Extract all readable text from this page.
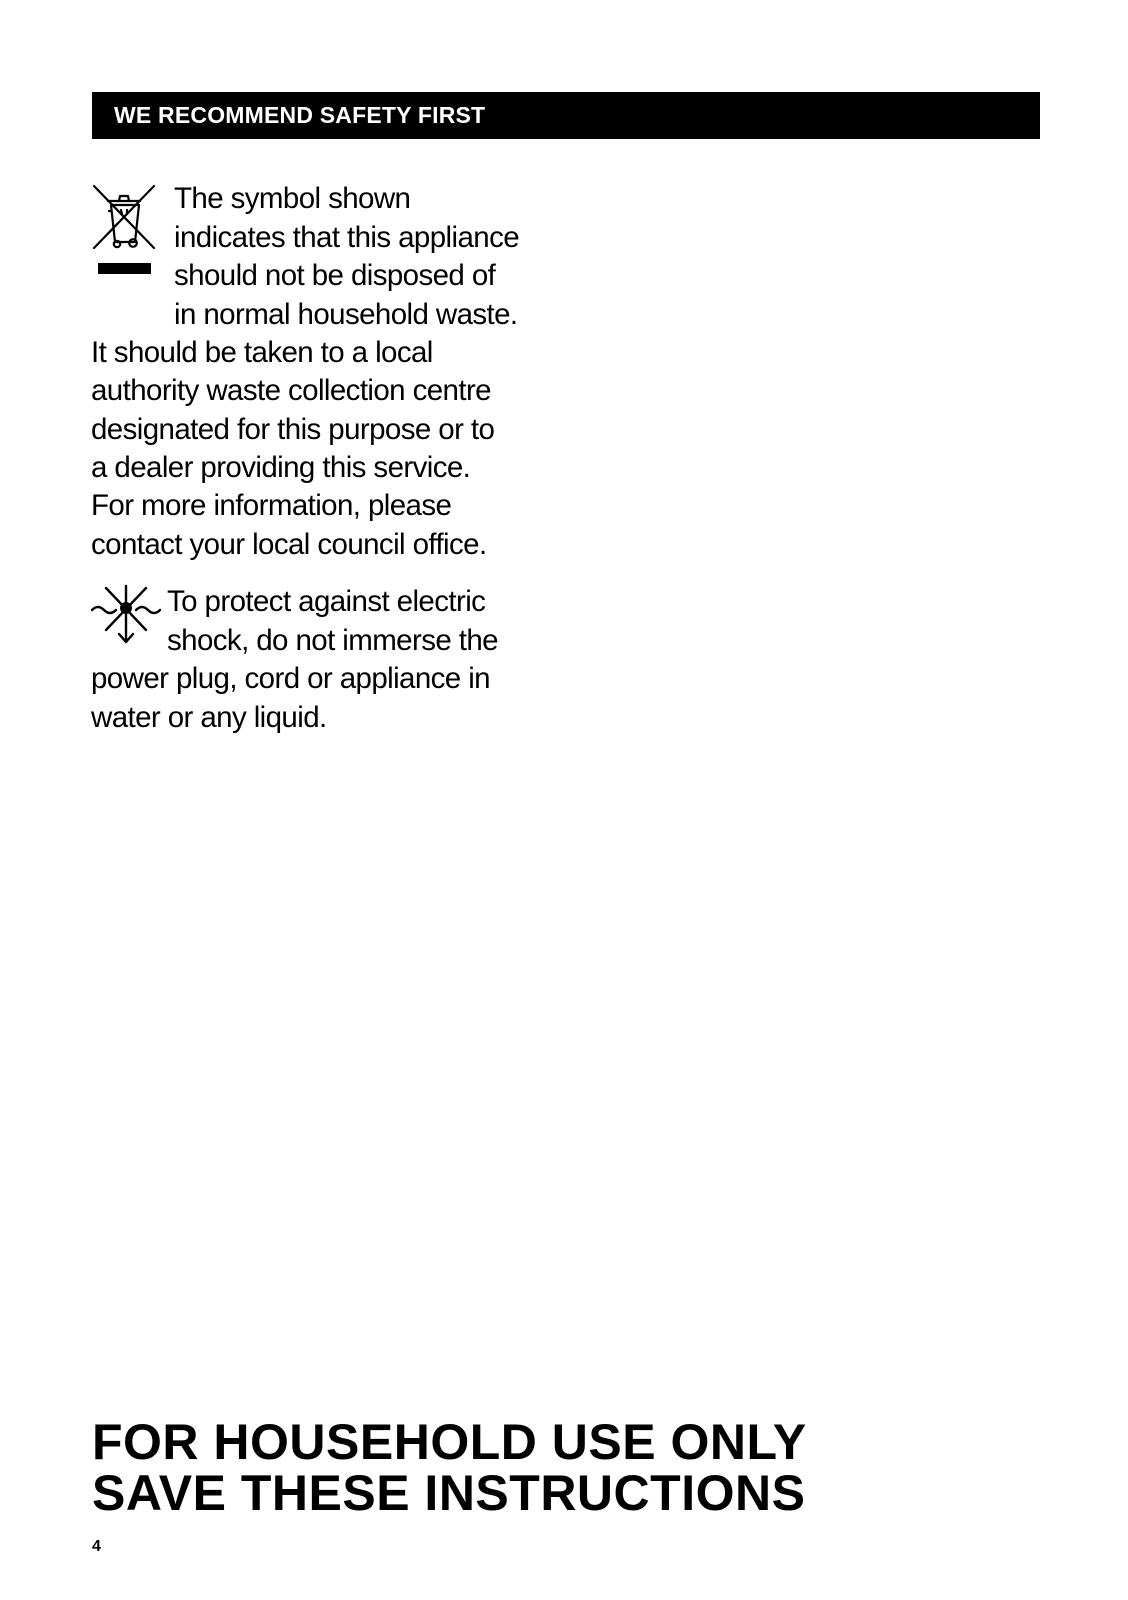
WE RECOMMEND SAFETY FIRST
The symbol shown
indicates that this appliance
should not be disposed of
in normal household waste.
It should be taken to a local
authority waste collection centre
designated for this purpose or to
a dealer providing this service.
For more information, please
contact your local council office.
To protect against electric
shock, do not immerse the
power plug, cord or appliance in
water or any liquid.
FOR HOUSEHOLD USE ONLY
SAVE THESE INSTRUCTIONS
4
